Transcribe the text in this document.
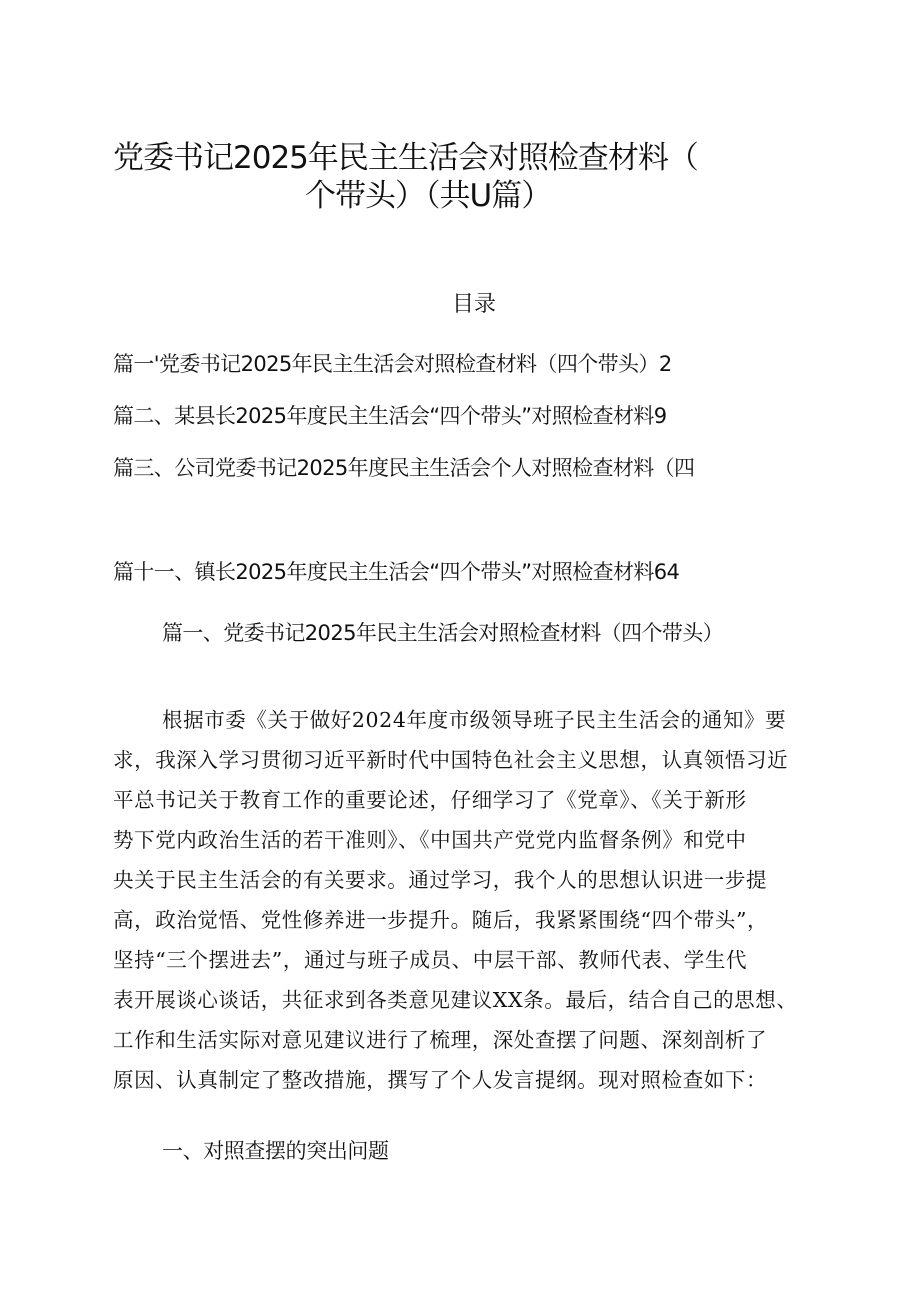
党委书记2025年民主生活会对照检查材料（
个带头）（共U篇）
目录
篇一'党委书记2025年民主生活会对照检查材料（四个带头）2
篇二、某县长2025年度民主生活会“四个带头”对照检查材料9
篇三、公司党委书记2025年度民主生活会个人对照检查材料（四
篇十一、镇长2025年度民主生活会“四个带头”对照检查材料64
篇一、党委书记2025年民主生活会对照检查材料（四个带头）
根据市委《关于做好2024年度市级领导班子民主生活会的通知》要
求，我深入学习贯彻习近平新时代中国特色社会主义思想，认真领悟习近
平总书记关于教育工作的重要论述，仔细学习了《党章》、《关于新形
势下党内政治生活的若干准则》、《中国共产党党内监督条例》和党中
央关于民主生活会的有关要求。通过学习，我个人的思想认识进一步提
高，政治觉悟、党性修养进一步提升。随后，我紧紧围绕“四个带头”，
坚持“三个摆进去”，通过与班子成员、中层干部、教师代表、学生代
表开展谈心谈话，共征求到各类意见建议XX条。最后，结合自己的思想、
工作和生活实际对意见建议进行了梳理，深处查摆了问题、深刻剖析了
原因、认真制定了整改措施，撰写了个人发言提纲。现对照检查如下：
一、对照查摆的突出问题
